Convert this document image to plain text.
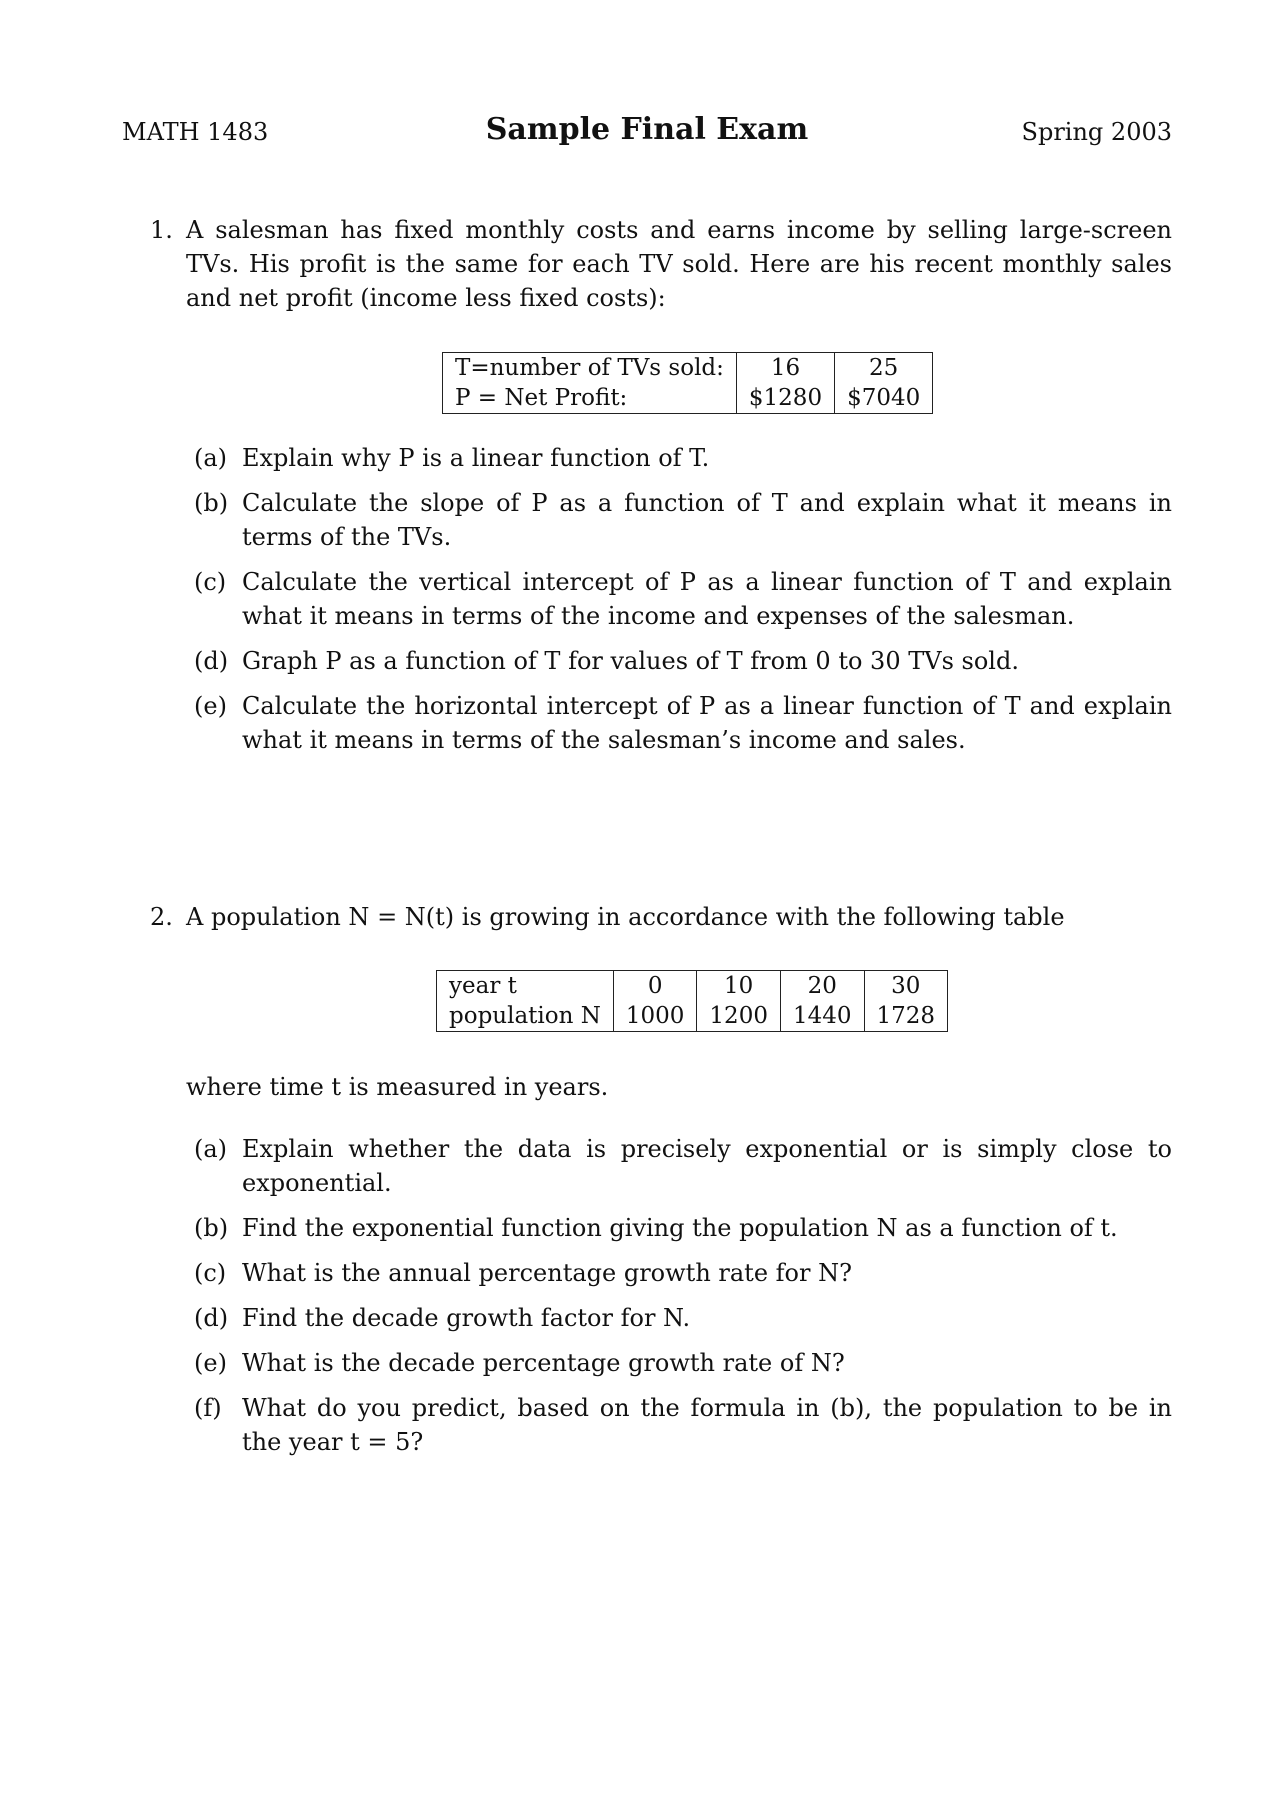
MATH 1483	Sample Final Exam	Spring 2003
1. A salesman has fixed monthly costs and earns income by selling large-screen TVs. His profit is the same for each TV sold. Here are his recent monthly sales and net profit (income less fixed costs):
T=number of TVs sold:	16	25
P = Net Profit:	$1280	$7040
(a) Explain why P is a linear function of T.
(b) Calculate the slope of P as a function of T and explain what it means in terms of the TVs.
(c) Calculate the vertical intercept of P as a linear function of T and explain what it means in terms of the income and expenses of the salesman.
(d) Graph P as a function of T for values of T from 0 to 30 TVs sold.
(e) Calculate the horizontal intercept of P as a linear function of T and explain what it means in terms of the salesman’s income and sales.
2. A population N = N(t) is growing in accordance with the following table
year t	0	10	20	30
population N	1000	1200	1440	1728
where time t is measured in years.
(a) Explain whether the data is precisely exponential or is simply close to exponential.
(b) Find the exponential function giving the population N as a function of t.
(c) What is the annual percentage growth rate for N?
(d) Find the decade growth factor for N.
(e) What is the decade percentage growth rate of N?
(f) What do you predict, based on the formula in (b), the population to be in the year t = 5?
